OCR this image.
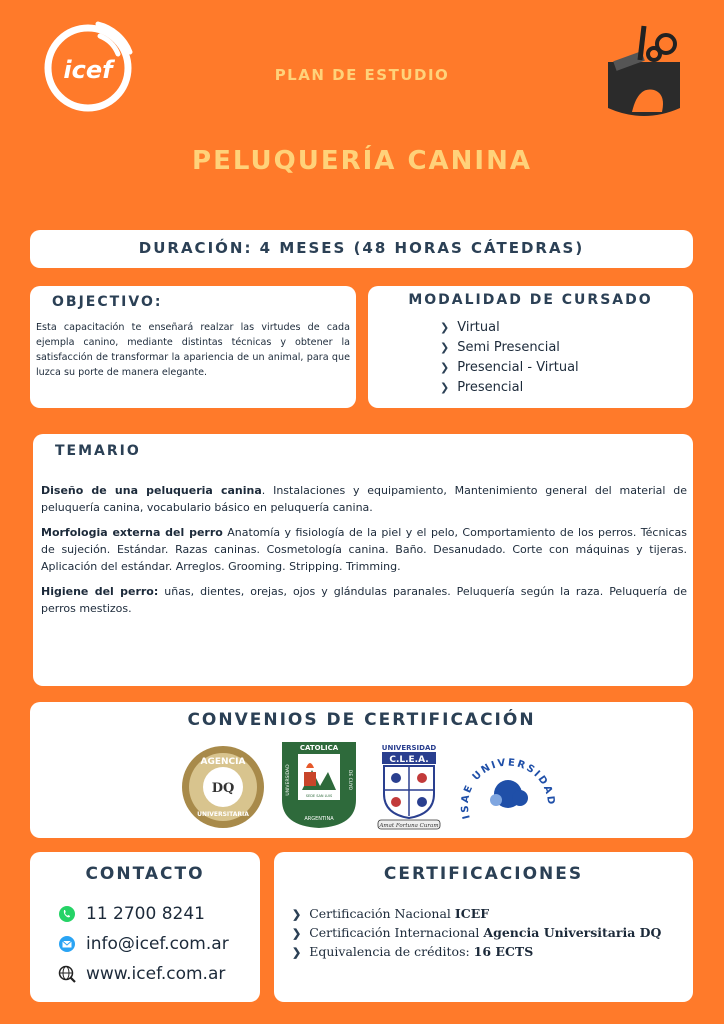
icef	PLAN DE ESTUDIO
PELUQUERÍA CANINA
DURACIÓN: 4 MESES (48 HORAS CÁTEDRAS)
OBJECTIVO:

Esta capacitación te enseñará realzar las virtudes de cada ejempla canino, mediante distintas técnicas y obtener la satisfacción de transformar la apariencia de un animal, para que luzca su porte de manera elegante.

MODALIDAD DE CURSADO
❯ Virtual
❯ Semi Presencial
❯ Presencial - Virtual
❯ Presencial
TEMARIO

Diseño de una peluqueria canina. Instalaciones y equipamiento, Mantenimiento general del material de peluquería canina, vocabulario básico en peluquería canina.

Morfologia externa del perro Anatomía y fisiología de la piel y el pelo, Comportamiento de los perros. Técnicas de sujeción. Estándar. Razas caninas. Cosmetología canina. Baño. Desanudado. Corte con máquinas y tijeras. Aplicación del estándar. Arreglos. Grooming. Stripping. Trimming.

Higiene del perro: uñas, dientes, orejas, ojos y glándulas paranales. Peluquería según la raza. Peluquería de perros mestizos.

CONVENIOS DE CERTIFICACIÓN
AGENCIA
DQ
UNIVERSITARIA
CATOLICA
ARGENTINA
SEDE SAN LUIS
UNIVERSIDAD	DE CUYO
UNIVERSIDAD
C.L.E.A.
Amat Fortuna Curam
ISAE UNIVERSIDAD
CONTACTO
11 2700 8241
info@icef.com.ar
www.icef.com.ar
CERTIFICACIONES
❯ Certificación Nacional ICEF
❯ Certificación Internacional Agencia Universitaria DQ
❯ Equivalencia de créditos: 16 ECTS
